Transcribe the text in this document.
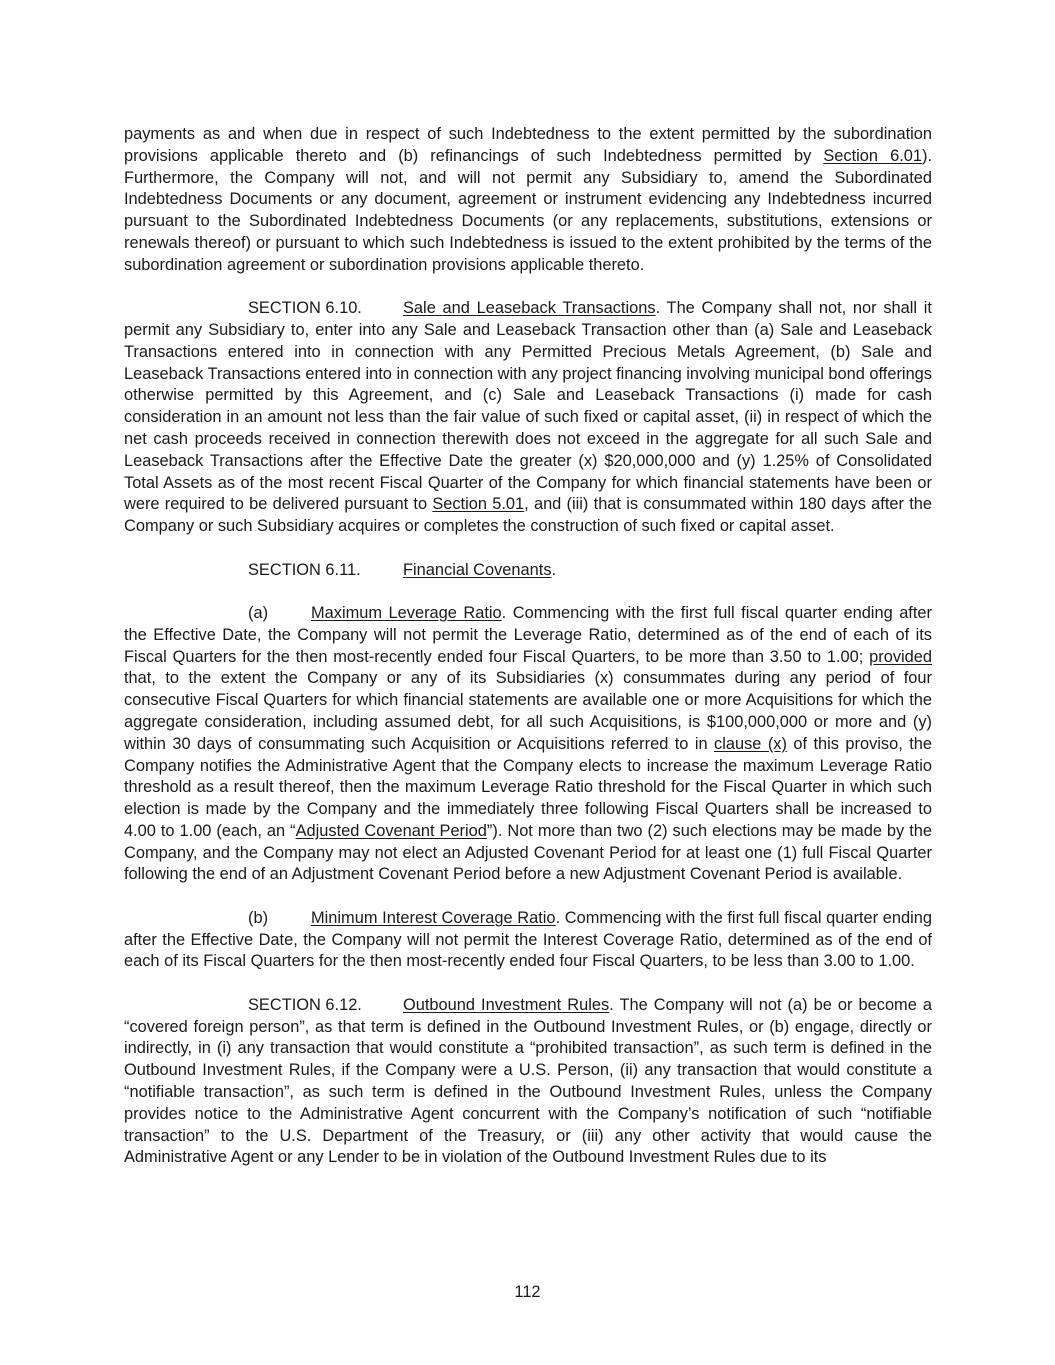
payments as and when due in respect of such Indebtedness to the extent permitted by the subordination provisions applicable thereto and (b) refinancings of such Indebtedness permitted by Section 6.01). Furthermore, the Company will not, and will not permit any Subsidiary to, amend the Subordinated Indebtedness Documents or any document, agreement or instrument evidencing any Indebtedness incurred pursuant to the Subordinated Indebtedness Documents (or any replacements, substitutions, extensions or renewals thereof) or pursuant to which such Indebtedness is issued to the extent prohibited by the terms of the subordination agreement or subordination provisions applicable thereto.

SECTION 6.10.	Sale and Leaseback Transactions. The Company shall not, nor shall it permit any Subsidiary to, enter into any Sale and Leaseback Transaction other than (a) Sale and Leaseback Transactions entered into in connection with any Permitted Precious Metals Agreement, (b) Sale and Leaseback Transactions entered into in connection with any project financing involving municipal bond offerings otherwise permitted by this Agreement, and (c) Sale and Leaseback Transactions (i) made for cash consideration in an amount not less than the fair value of such fixed or capital asset, (ii) in respect of which the net cash proceeds received in connection therewith does not exceed in the aggregate for all such Sale and Leaseback Transactions after the Effective Date the greater (x) $20,000,000 and (y) 1.25% of Consolidated Total Assets as of the most recent Fiscal Quarter of the Company for which financial statements have been or were required to be delivered pursuant to Section 5.01, and (iii) that is consummated within 180 days after the Company or such Subsidiary acquires or completes the construction of such fixed or capital asset.

SECTION 6.11.	Financial Covenants.

(a)	Maximum Leverage Ratio. Commencing with the first full fiscal quarter ending after the Effective Date, the Company will not permit the Leverage Ratio, determined as of the end of each of its Fiscal Quarters for the then most-recently ended four Fiscal Quarters, to be more than 3.50 to 1.00; provided that, to the extent the Company or any of its Subsidiaries (x) consummates during any period of four consecutive Fiscal Quarters for which financial statements are available one or more Acquisitions for which the aggregate consideration, including assumed debt, for all such Acquisitions, is $100,000,000 or more and (y) within 30 days of consummating such Acquisition or Acquisitions referred to in clause (x) of this proviso, the Company notifies the Administrative Agent that the Company elects to increase the maximum Leverage Ratio threshold as a result thereof, then the maximum Leverage Ratio threshold for the Fiscal Quarter in which such election is made by the Company and the immediately three following Fiscal Quarters shall be increased to 4.00 to 1.00 (each, an “Adjusted Covenant Period”). Not more than two (2) such elections may be made by the Company, and the Company may not elect an Adjusted Covenant Period for at least one (1) full Fiscal Quarter following the end of an Adjustment Covenant Period before a new Adjustment Covenant Period is available.

(b)	Minimum Interest Coverage Ratio. Commencing with the first full fiscal quarter ending after the Effective Date, the Company will not permit the Interest Coverage Ratio, determined as of the end of each of its Fiscal Quarters for the then most-recently ended four Fiscal Quarters, to be less than 3.00 to 1.00.

SECTION 6.12.	Outbound Investment Rules. The Company will not (a) be or become a “covered foreign person”, as that term is defined in the Outbound Investment Rules, or (b) engage, directly or indirectly, in (i) any transaction that would constitute a “prohibited transaction”, as such term is defined in the Outbound Investment Rules, if the Company were a U.S. Person, (ii) any transaction that would constitute a “notifiable transaction”, as such term is defined in the Outbound Investment Rules, unless the Company provides notice to the Administrative Agent concurrent with the Company’s notification of such “notifiable transaction” to the U.S. Department of the Treasury, or (iii) any other activity that would cause the Administrative Agent or any Lender to be in violation of the Outbound Investment Rules due to its

112
